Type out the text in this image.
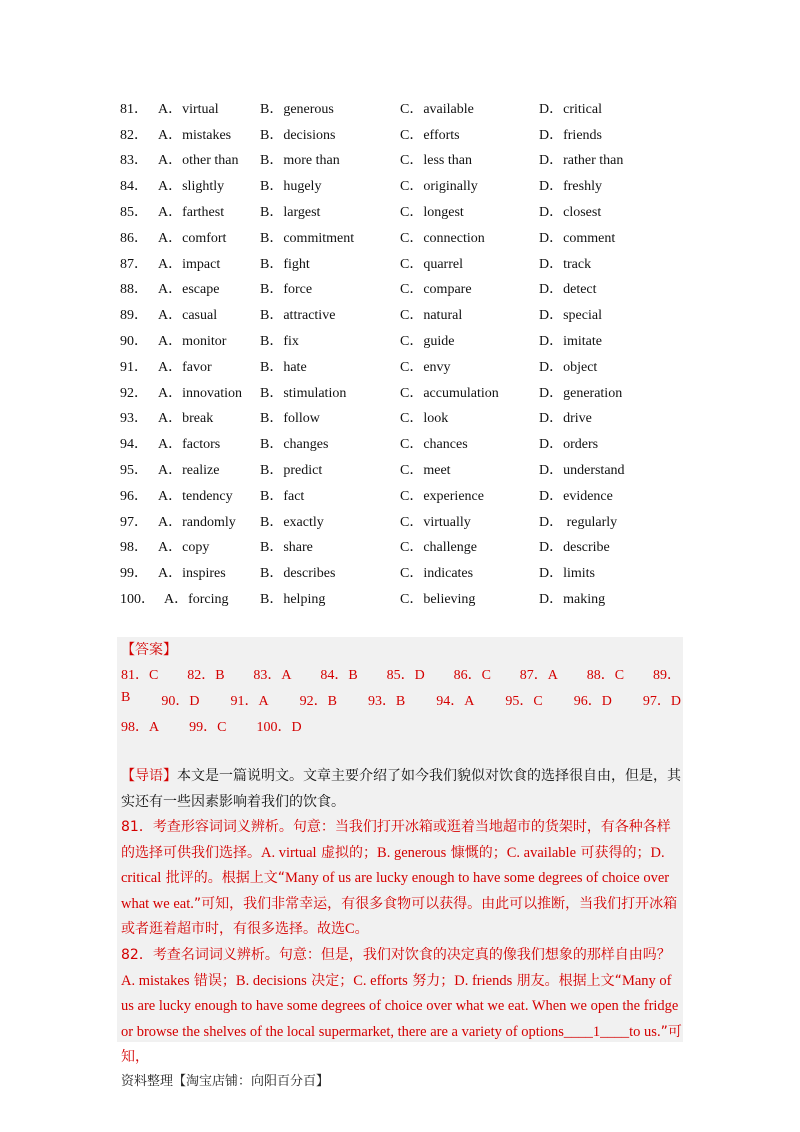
81． A．virtual	B．generous	C．available	D．critical
82． A．mistakes	B．decisions	C．efforts	D．friends
83． A．other than	B．more than	C．less than	D．rather than
84． A．slightly	B．hugely	C．originally	D．freshly
85． A．farthest	B．largest	C．longest	D．closest
86． A．comfort	B．commitment	C．connection	D．comment
87． A．impact	B．fight	C．quarrel	D．track
88． A．escape	B．force	C．compare	D．detect
89． A．casual	B．attractive	C．natural	D．special
90． A．monitor	B．fix	C．guide	D．imitate
91． A．favor	B．hate	C．envy	D．object
92． A．innovation	B．stimulation	C．accumulation	D．generation
93． A．break	B．follow	C．look	D．drive
94． A．factors	B．changes	C．chances	D．orders
95． A．realize	B．predict	C．meet	D．understand
96． A．tendency	B．fact	C．experience	D．evidence
97． A．randomly	B．exactly	C．virtually	D． regularly
98． A．copy	B．share	C．challenge	D．describe
99． A．inspires	B．describes	C．indicates	D．limits
100． A．forcing	B．helping	C．believing	D．making
【答案】
81．C 82．B 83．A 84．B 85．D 86．C 87．A 88．C 89．
B 90．D 91．A 92．B 93．B 94．A 95．C 96．D 97．D
98．A 99．C 100．D
【导语】本文是一篇说明文。文章主要介绍了如今我们貌似对饮食的选择很自由，但是，其实还有一些因素影响着我们的饮食。
81．考查形容词词义辨析。句意：当我们打开冰箱或逛着当地超市的货架时，有各种各样的选择可供我们选择。A. virtual 虚拟的；B. generous 慷慨的；C. available 可获得的；D. critical 批评的。根据上文“Many of us are lucky enough to have some degrees of choice over what we eat.”可知，我们非常幸运，有很多食物可以获得。由此可以推断，当我们打开冰箱或者逛着超市时，有很多选择。故选C。
82．考查名词词义辨析。句意：但是，我们对饮食的决定真的像我们想象的那样自由吗？A. mistakes 错误；B. decisions 决定；C. efforts 努力；D. friends 朋友。根据上文“Many of us are lucky enough to have some degrees of choice over what we eat. When we open the fridge or browse the shelves of the local supermarket, there are a variety of options____1____to us.”可知，
资料整理【淘宝店铺：向阳百分百】
